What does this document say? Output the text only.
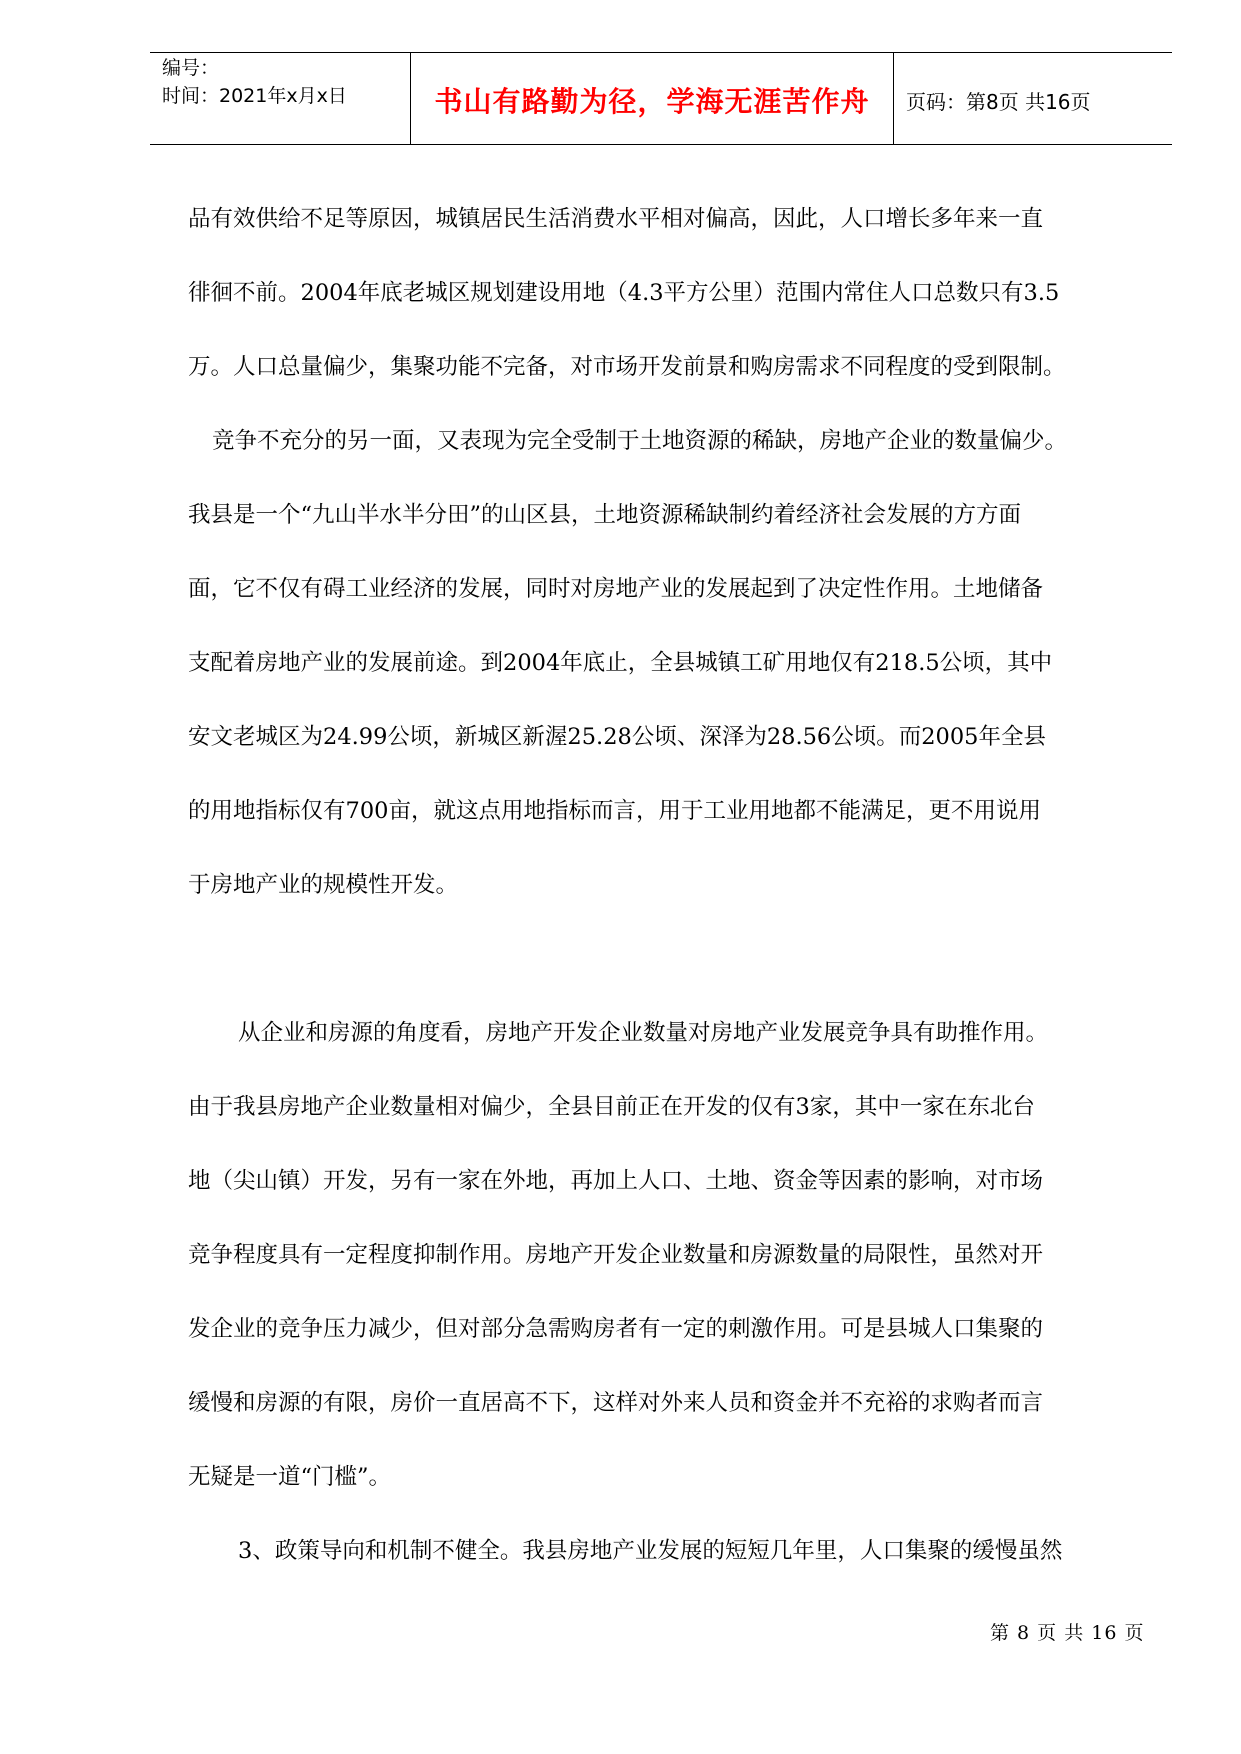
编号：
时间：2021年x月x日	书山有路勤为径，学海无涯苦作舟	页码：第8页 共16页

品有效供给不足等原因，城镇居民生活消费水平相对偏高，因此，人口增长多年来一直

徘徊不前。2004年底老城区规划建设用地（4.3平方公里）范围内常住人口总数只有3.5

万。人口总量偏少，集聚功能不完备，对市场开发前景和购房需求不同程度的受到限制。

竞争不充分的另一面，又表现为完全受制于土地资源的稀缺，房地产企业的数量偏少。

我县是一个“九山半水半分田”的山区县，土地资源稀缺制约着经济社会发展的方方面

面，它不仅有碍工业经济的发展，同时对房地产业的发展起到了决定性作用。土地储备

支配着房地产业的发展前途。到2004年底止，全县城镇工矿用地仅有218.5公顷，其中

安文老城区为24.99公顷，新城区新渥25.28公顷、深泽为28.56公顷。而2005年全县

的用地指标仅有700亩，就这点用地指标而言，用于工业用地都不能满足，更不用说用

于房地产业的规模性开发。

从企业和房源的角度看，房地产开发企业数量对房地产业发展竞争具有助推作用。

由于我县房地产企业数量相对偏少，全县目前正在开发的仅有3家，其中一家在东北台

地（尖山镇）开发，另有一家在外地，再加上人口、土地、资金等因素的影响，对市场

竞争程度具有一定程度抑制作用。房地产开发企业数量和房源数量的局限性，虽然对开

发企业的竞争压力减少，但对部分急需购房者有一定的刺激作用。可是县城人口集聚的

缓慢和房源的有限，房价一直居高不下，这样对外来人员和资金并不充裕的求购者而言

无疑是一道“门槛”。

3、政策导向和机制不健全。我县房地产业发展的短短几年里，人口集聚的缓慢虽然

第 8 页 共 16 页
